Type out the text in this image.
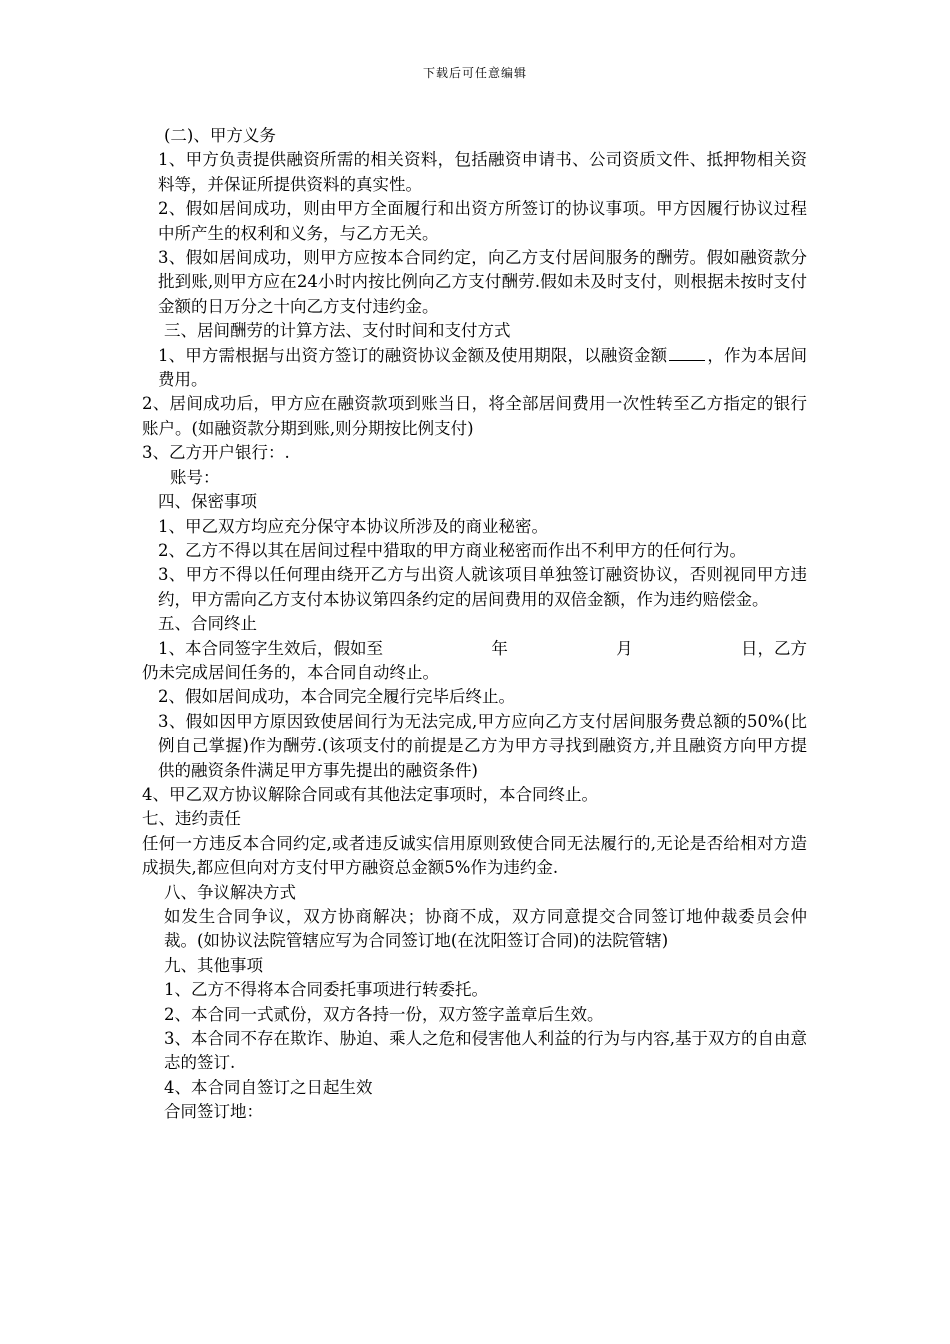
下载后可任意编辑

(二)、甲方义务

1、甲方负责提供融资所需的相关资料，包括融资申请书、公司资质文件、抵押物相关资料等，并保证所提供资料的真实性。

2、假如居间成功，则由甲方全面履行和出资方所签订的协议事项。甲方因履行协议过程中所产生的权利和义务，与乙方无关。

3、假如居间成功，则甲方应按本合同约定，向乙方支付居间服务的酬劳。假如融资款分批到账,则甲方应在24小时内按比例向乙方支付酬劳.假如未及时支付，则根据未按时支付金额的日万分之十向乙方支付违约金。

三、居间酬劳的计算方法、支付时间和支付方式

1、甲方需根据与出资方签订的融资协议金额及使用期限，以融资金额 ，作为本居间费用。

2、居间成功后，甲方应在融资款项到账当日，将全部居间费用一次性转至乙方指定的银行账户。(如融资款分期到账,则分期按比例支付)

3、乙方开户银行：.

账号：

四、保密事项

1、甲乙双方均应充分保守本协议所涉及的商业秘密。

2、乙方不得以其在居间过程中猎取的甲方商业秘密而作出不利甲方的任何行为。

3、甲方不得以任何理由绕开乙方与出资人就该项目单独签订融资协议，否则视同甲方违约，甲方需向乙方支付本协议第四条约定的居间费用的双倍金额，作为违约赔偿金。

五、合同终止

1、本合同签字生效后，假如至	年	月	日，乙方

仍未完成居间任务的，本合同自动终止。

2、假如居间成功，本合同完全履行完毕后终止。

3、假如因甲方原因致使居间行为无法完成,甲方应向乙方支付居间服务费总额的50%(比例自己掌握)作为酬劳.(该项支付的前提是乙方为甲方寻找到融资方,并且融资方向甲方提供的融资条件满足甲方事先提出的融资条件)

4、甲乙双方协议解除合同或有其他法定事项时，本合同终止。

七、违约责任

任何一方违反本合同约定,或者违反诚实信用原则致使合同无法履行的,无论是否给相对方造成损失,都应但向对方支付甲方融资总金额5%作为违约金.

八、争议解决方式

如发生合同争议，双方协商解决；协商不成，双方同意提交合同签订地仲裁委员会仲裁。(如协议法院管辖应写为合同签订地(在沈阳签订合同)的法院管辖)

九、其他事项

1、乙方不得将本合同委托事项进行转委托。

2、本合同一式贰份，双方各持一份，双方签字盖章后生效。

3、本合同不存在欺诈、胁迫、乘人之危和侵害他人利益的行为与内容,基于双方的自由意志的签订.

4、本合同自签订之日起生效

合同签订地：
